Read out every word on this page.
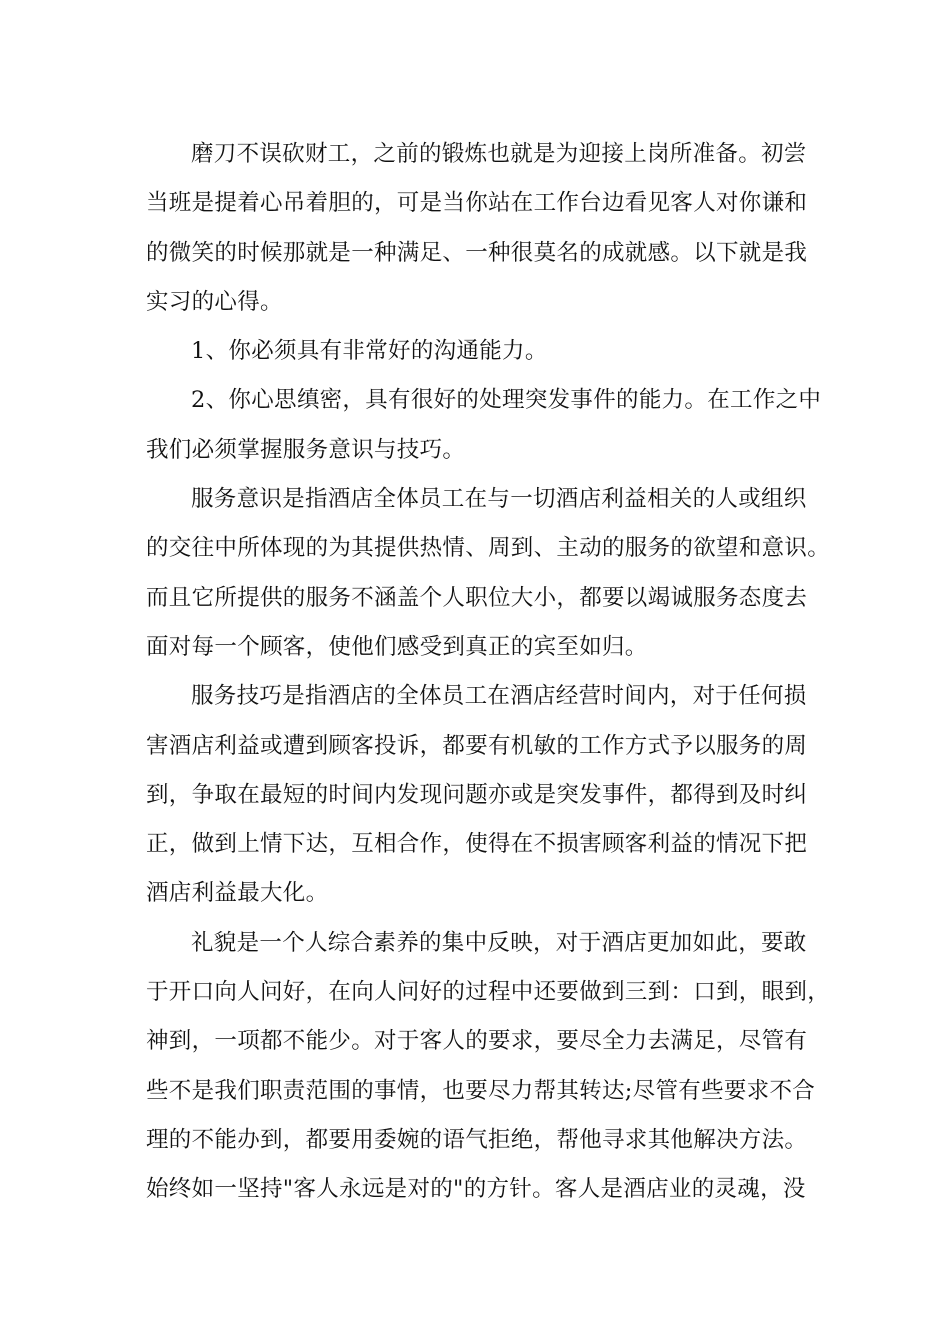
磨刀不误砍财工，之前的锻炼也就是为迎接上岗所准备。初尝
当班是提着心吊着胆的，可是当你站在工作台边看见客人对你谦和
的微笑的时候那就是一种满足、一种很莫名的成就感。以下就是我
实习的心得。
1、你必须具有非常好的沟通能力。
2、你心思缜密，具有很好的处理突发事件的能力。在工作之中
我们必须掌握服务意识与技巧。
服务意识是指酒店全体员工在与一切酒店利益相关的人或组织
的交往中所体现的为其提供热情、周到、主动的服务的欲望和意识。
而且它所提供的服务不涵盖个人职位大小，都要以竭诚服务态度去
面对每一个顾客，使他们感受到真正的宾至如归。
服务技巧是指酒店的全体员工在酒店经营时间内，对于任何损
害酒店利益或遭到顾客投诉，都要有机敏的工作方式予以服务的周
到，争取在最短的时间内发现问题亦或是突发事件，都得到及时纠
正，做到上情下达，互相合作，使得在不损害顾客利益的情况下把
酒店利益最大化。
礼貌是一个人综合素养的集中反映，对于酒店更加如此，要敢
于开口向人问好，在向人问好的过程中还要做到三到：口到，眼到，
神到，一项都不能少。对于客人的要求，要尽全力去满足，尽管有
些不是我们职责范围的事情，也要尽力帮其转达;尽管有些要求不合
理的不能办到，都要用委婉的语气拒绝，帮他寻求其他解决方法。
始终如一坚持"客人永远是对的"的方针。客人是酒店业的灵魂，没
